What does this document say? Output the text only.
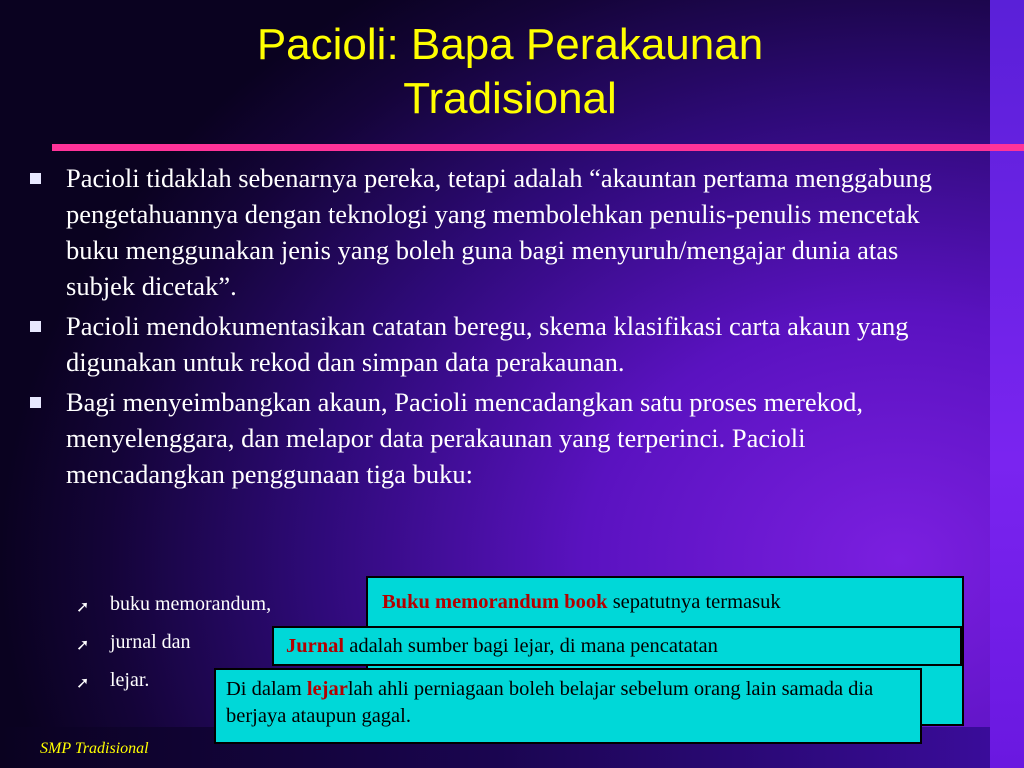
Pacioli: Bapa Perakaunan
Tradisional
Pacioli tidaklah sebenarnya pereka, tetapi adalah “akauntan pertama menggabung pengetahuannya dengan teknologi yang membolehkan penulis-penulis mencetak buku menggunakan jenis yang boleh guna bagi menyuruh/mengajar dunia atas subjek dicetak”.
Pacioli mendokumentasikan catatan beregu, skema klasifikasi carta akaun yang digunakan untuk rekod dan simpan data perakaunan.
Bagi menyeimbangkan akaun, Pacioli mencadangkan satu proses merekod, menyelenggara, dan melapor data perakaunan yang terperinci. Pacioli mencadangkan penggunaan tiga buku:
➚ buku memorandum,
➚ jurnal dan
➚ lejar.
Buku memorandum book sepatutnya termasuk
Jurnal adalah sumber bagi lejar, di mana pencatatan
Di dalam lejarlah ahli perniagaan boleh belajar sebelum orang lain samada dia berjaya ataupun gagal.
SMP Tradisional
